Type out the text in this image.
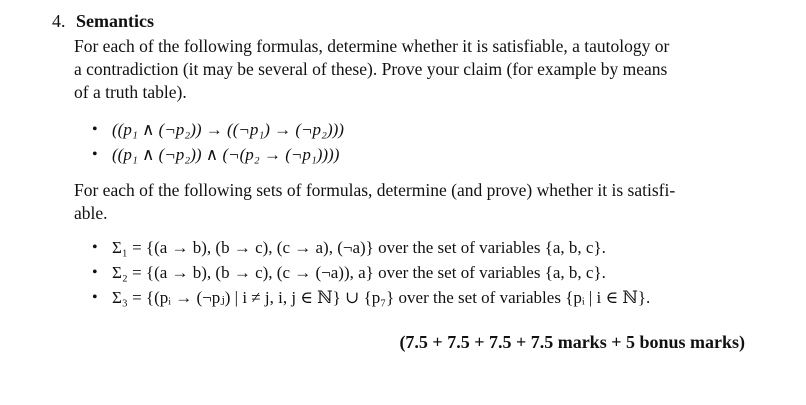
4. Semantics
For each of the following formulas, determine whether it is satisfiable, a tautology or
a contradiction (it may be several of these). Prove your claim (for example by means
of a truth table).
• ((p₁ ∧ (¬p₂)) → ((¬p₁) → (¬p₂)))
• ((p₁ ∧ (¬p₂)) ∧ (¬(p₂ → (¬p₁))))
For each of the following sets of formulas, determine (and prove) whether it is satisfi-
able.
• Σ₁ = {(a → b), (b → c), (c → a), (¬a)} over the set of variables {a, b, c}.
• Σ₂ = {(a → b), (b → c), (c → (¬a)), a} over the set of variables {a, b, c}.
• Σ₃ = {(pᵢ → (¬pⱼ) | i ≠ j, i, j ∈ ℕ} ∪ {p₇} over the set of variables {pᵢ | i ∈ ℕ}.
(7.5 + 7.5 + 7.5 + 7.5 marks + 5 bonus marks)
